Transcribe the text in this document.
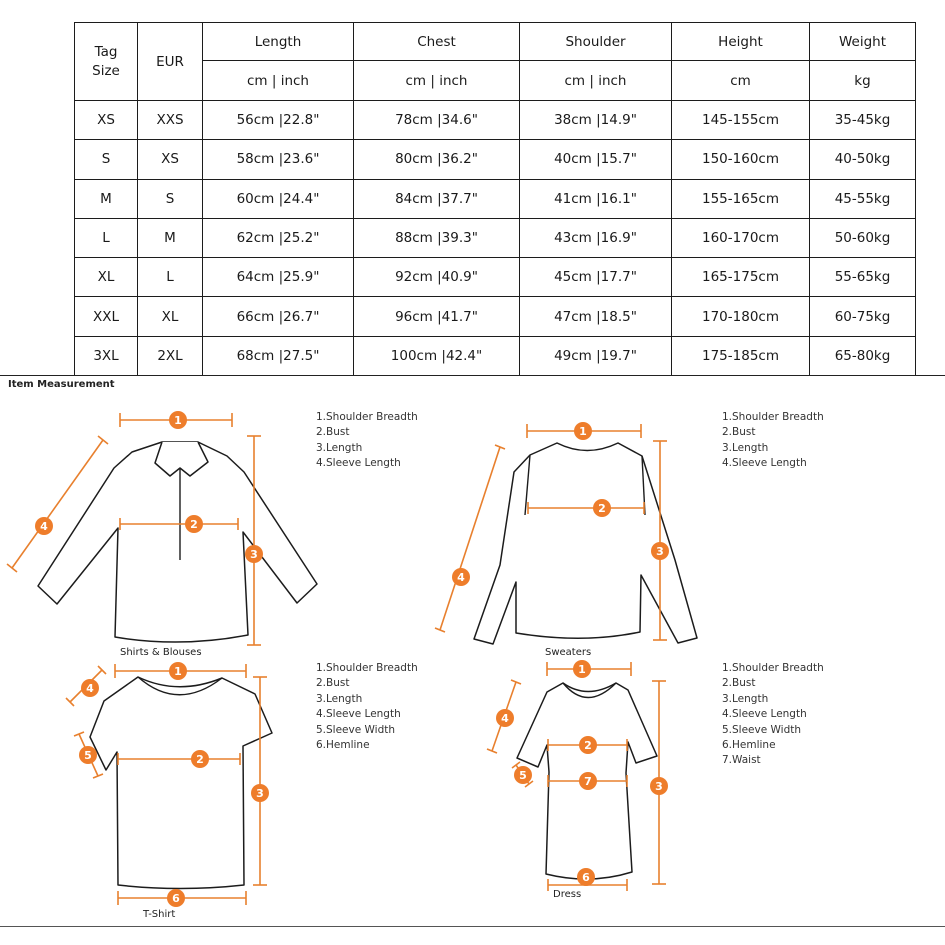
Tag
Size	EUR	Length	Chest	Shoulder	Height	Weight
		cm | inch	cm | inch	cm | inch	cm	kg
XS	XXS	56cm |22.8"	78cm |34.6"	38cm |14.9"	145-155cm	35-45kg
S	XS	58cm |23.6"	80cm |36.2"	40cm |15.7"	150-160cm	40-50kg
M	S	60cm |24.4"	84cm |37.7"	41cm |16.1"	155-165cm	45-55kg
L	M	62cm |25.2"	88cm |39.3"	43cm |16.9"	160-170cm	50-60kg
XL	L	64cm |25.9"	92cm |40.9"	45cm |17.7"	165-175cm	55-65kg
XXL	XL	66cm |26.7"	96cm |41.7"	47cm |18.5"	170-180cm	60-75kg
3XL	2XL	68cm |27.5"	100cm |42.4"	49cm |19.7"	175-185cm	65-80kg
Item Measurement
1
2
3
4
1
2
3
4
1
2
3
4
5
6
1
2
3
4
5
6
7
1.Shoulder Breadth
2.Bust
3.Length
4.Sleeve Length
1.Shoulder Breadth
2.Bust
3.Length
4.Sleeve Length
1.Shoulder Breadth
2.Bust
3.Length
4.Sleeve Length
5.Sleeve Width
6.Hemline
1.Shoulder Breadth
2.Bust
3.Length
4.Sleeve Length
5.Sleeve Width
6.Hemline
7.Waist
Shirts & Blouses	Sweaters
T-Shirt
Dress
